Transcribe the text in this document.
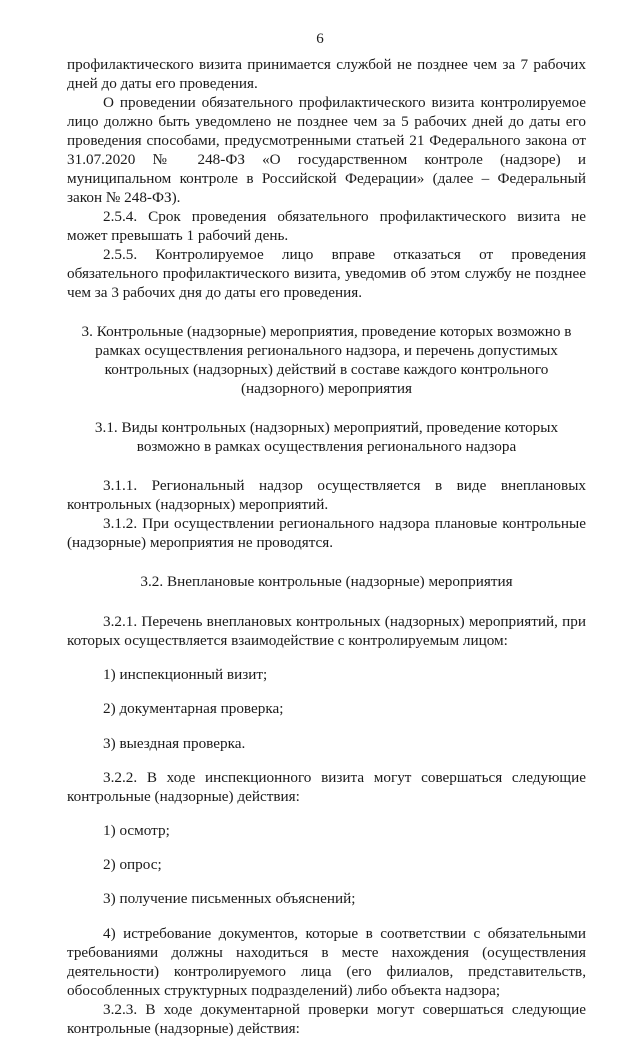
6

профилактического визита принимается службой не позднее чем за 7 рабочих дней до даты его проведения.

О проведении обязательного профилактического визита контролируемое лицо должно быть уведомлено не позднее чем за 5 рабочих дней до даты его проведения способами, предусмотренными статьей 21 Федерального закона от 31.07.2020 № 248-ФЗ «О государственном контроле (надзоре) и муниципальном контроле в Российской Федерации» (далее – Федеральный закон № 248-ФЗ).

2.5.4. Срок проведения обязательного профилактического визита не может превышать 1 рабочий день.

2.5.5. Контролируемое лицо вправе отказаться от проведения обязательного профилактического визита, уведомив об этом службу не позднее чем за 3 рабочих дня до даты его проведения.

3. Контрольные (надзорные) мероприятия, проведение которых возможно в рамках осуществления регионального надзора, и перечень допустимых контрольных (надзорных) действий в составе каждого контрольного (надзорного) мероприятия

3.1. Виды контрольных (надзорных) мероприятий, проведение которых возможно в рамках осуществления регионального надзора

3.1.1. Региональный надзор осуществляется в виде внеплановых контрольных (надзорных) мероприятий.

3.1.2. При осуществлении регионального надзора плановые контрольные (надзорные) мероприятия не проводятся.

3.2. Внеплановые контрольные (надзорные) мероприятия

3.2.1. Перечень внеплановых контрольных (надзорных) мероприятий, при которых осуществляется взаимодействие с контролируемым лицом:

1) инспекционный визит;

2) документарная проверка;

3) выездная проверка.

3.2.2. В ходе инспекционного визита могут совершаться следующие контрольные (надзорные) действия:

1) осмотр;

2) опрос;

3) получение письменных объяснений;

4) истребование документов, которые в соответствии с обязательными требованиями должны находиться в месте нахождения (осуществления деятельности) контролируемого лица (его филиалов, представительств, обособленных структурных подразделений) либо объекта надзора;

3.2.3. В ходе документарной проверки могут совершаться следующие контрольные (надзорные) действия:
